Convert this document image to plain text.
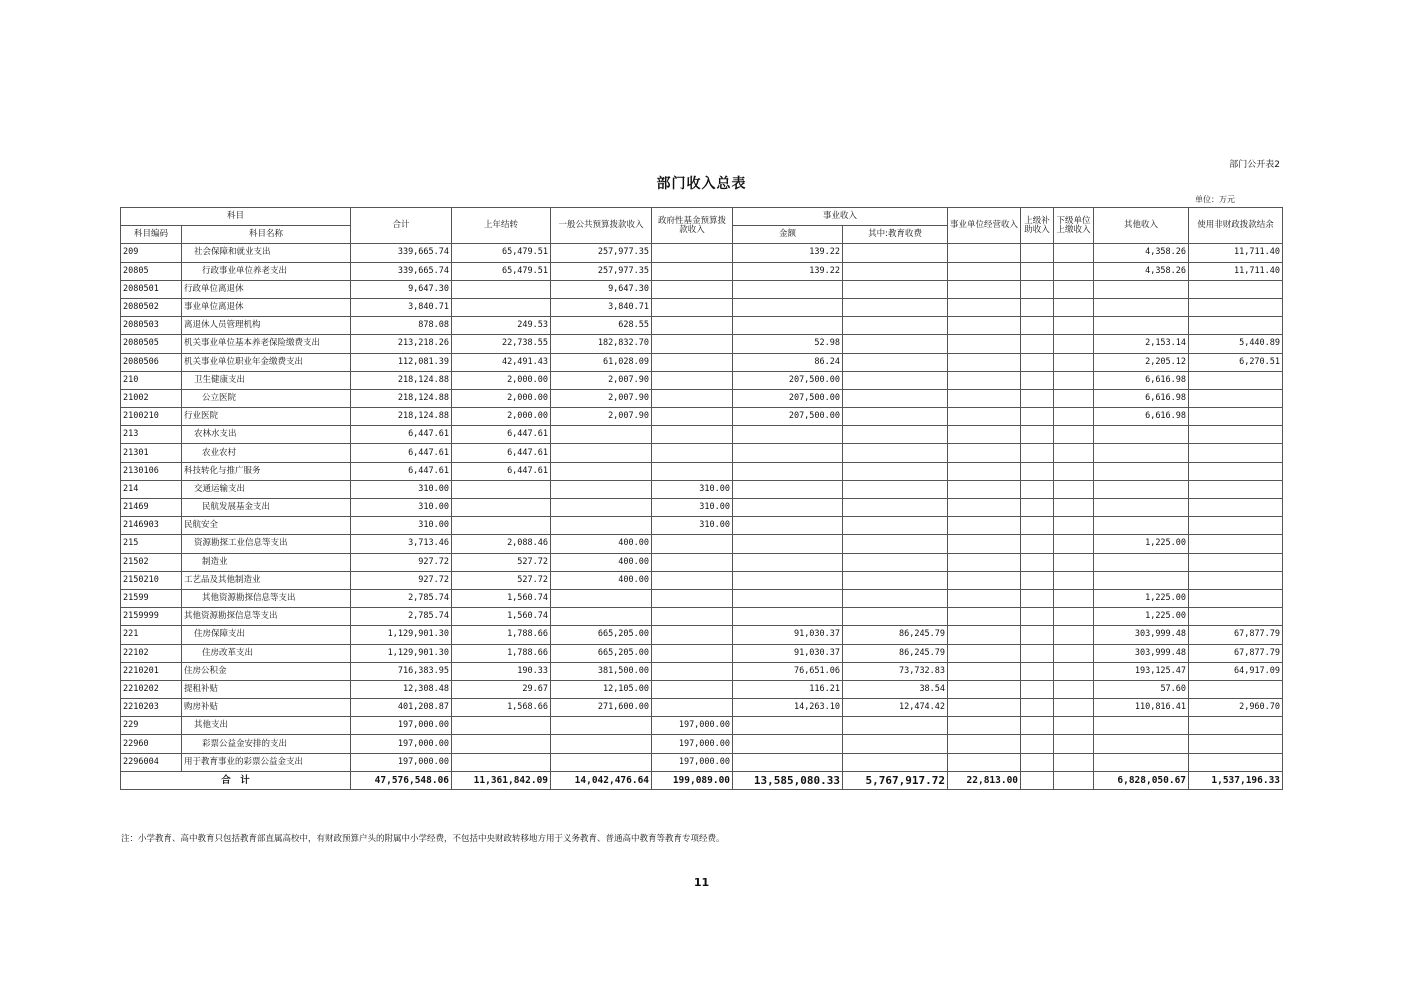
部门公开表2
部门收入总表
单位：万元
科目		合计	上年结转	一般公共预算拨款收入	政府性基金预算拨款收入	事业收入		事业单位经营收入	上级补助收入	下级单位上缴收入	其他收入	使用非财政拨款结余
科目编码	科目名称					金额	其中:教育收费					
209	社会保障和就业支出	339,665.74	65,479.51	257,977.35		139.22					4,358.26	11,711.40
20805	行政事业单位养老支出	339,665.74	65,479.51	257,977.35		139.22					4,358.26	11,711.40
2080501	行政单位离退休	9,647.30		9,647.30								
2080502	事业单位离退休	3,840.71		3,840.71								
2080503	离退休人员管理机构	878.08	249.53	628.55								
2080505	机关事业单位基本养老保险缴费支出	213,218.26	22,738.55	182,832.70		52.98					2,153.14	5,440.89
2080506	机关事业单位职业年金缴费支出	112,081.39	42,491.43	61,028.09		86.24					2,205.12	6,270.51
210	卫生健康支出	218,124.88	2,000.00	2,007.90		207,500.00					6,616.98	
21002	公立医院	218,124.88	2,000.00	2,007.90		207,500.00					6,616.98	
2100210	行业医院	218,124.88	2,000.00	2,007.90		207,500.00					6,616.98	
213	农林水支出	6,447.61	6,447.61									
21301	农业农村	6,447.61	6,447.61									
2130106	科技转化与推广服务	6,447.61	6,447.61									
214	交通运输支出	310.00			310.00							
21469	民航发展基金支出	310.00			310.00							
2146903	民航安全	310.00			310.00							
215	资源勘探工业信息等支出	3,713.46	2,088.46	400.00							1,225.00	
21502	制造业	927.72	527.72	400.00								
2150210	工艺品及其他制造业	927.72	527.72	400.00								
21599	其他资源勘探信息等支出	2,785.74	1,560.74								1,225.00	
2159999	其他资源勘探信息等支出	2,785.74	1,560.74								1,225.00	
221	住房保障支出	1,129,901.30	1,788.66	665,205.00		91,030.37	86,245.79				303,999.48	67,877.79
22102	住房改革支出	1,129,901.30	1,788.66	665,205.00		91,030.37	86,245.79				303,999.48	67,877.79
2210201	住房公积金	716,383.95	190.33	381,500.00		76,651.06	73,732.83				193,125.47	64,917.09
2210202	提租补贴	12,308.48	29.67	12,105.00		116.21	38.54				57.60	
2210203	购房补贴	401,208.87	1,568.66	271,600.00		14,263.10	12,474.42				110,816.41	2,960.70
229	其他支出	197,000.00			197,000.00							
22960	彩票公益金安排的支出	197,000.00			197,000.00							
2296004	用于教育事业的彩票公益金支出	197,000.00			197,000.00							
合　计		47,576,548.06	11,361,842.09	14,042,476.64	199,089.00	13,585,080.33	5,767,917.72	22,813.00			6,828,050.67	1,537,196.33
注：小学教育、高中教育只包括教育部直属高校中，有财政预算户头的附属中小学经费，不包括中央财政转移地方用于义务教育、普通高中教育等教育专项经费。
11
